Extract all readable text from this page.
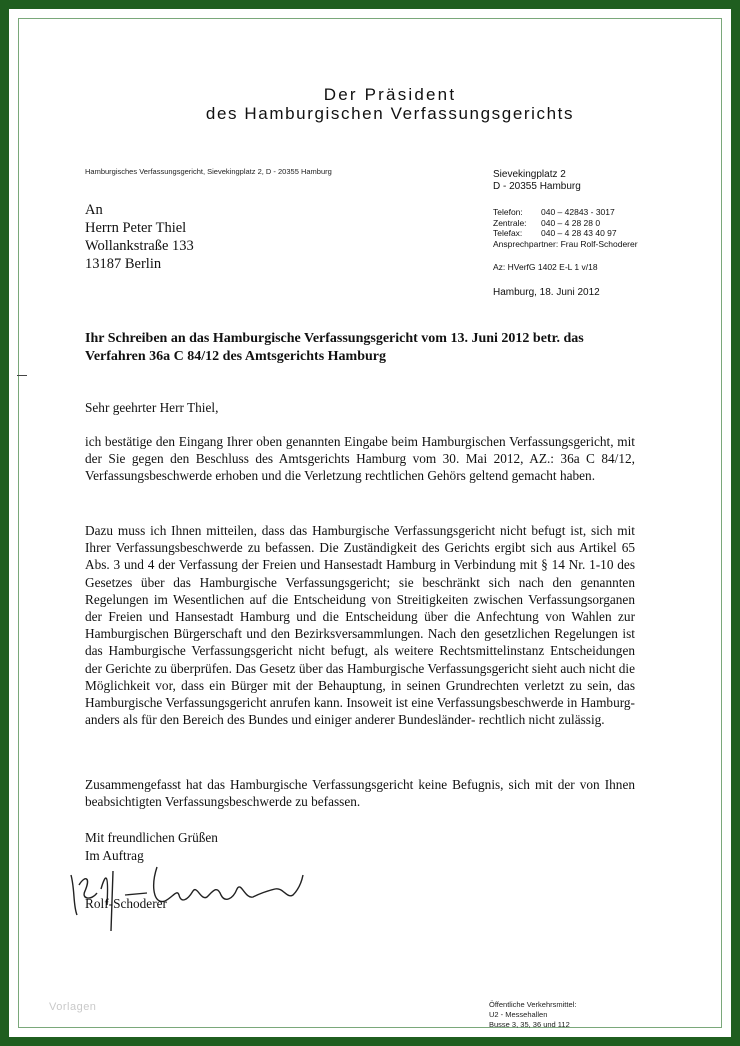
Der Präsident
des Hamburgischen Verfassungsgerichts
Hamburgisches Verfassungsgericht, Sievekingplatz 2, D - 20355 Hamburg
An
Herrn Peter Thiel
Wollankstraße 133
13187 Berlin
Sievekingplatz 2
D - 20355 Hamburg
Telefon: 040 – 42843 - 3017
Zentrale: 040 – 4 28 28 0
Telefax: 040 – 4 28 43 40 97
Ansprechpartner: Frau Rolf-Schoderer
Az: HVerfG 1402 E-L 1 v/18
Hamburg, 18. Juni 2012
Ihr Schreiben an das Hamburgische Verfassungsgericht vom 13. Juni 2012 betr. das Verfahren 36a C 84/12 des Amtsgerichts Hamburg
Sehr geehrter Herr Thiel,
ich bestätige den Eingang Ihrer oben genannten Eingabe beim Hamburgischen Verfassungsgericht, mit der Sie gegen den Beschluss des Amtsgerichts Hamburg vom 30. Mai 2012, AZ.: 36a C 84/12, Verfassungsbeschwerde erhoben und die Verletzung rechtlichen Gehörs geltend gemacht haben.
Dazu muss ich Ihnen mitteilen, dass das Hamburgische Verfassungsgericht nicht befugt ist, sich mit Ihrer Verfassungsbeschwerde zu befassen. Die Zuständigkeit des Gerichts ergibt sich aus Artikel 65 Abs. 3 und 4 der Verfassung der Freien und Hansestadt Hamburg in Verbindung mit § 14 Nr. 1-10 des Gesetzes über das Hamburgische Verfassungsgericht; sie beschränkt sich nach den genannten Regelungen im Wesentlichen auf die Entscheidung von Streitigkeiten zwischen Verfassungsorganen der Freien und Hansestadt Hamburg und die Entscheidung über die Anfechtung von Wahlen zur Hamburgischen Bürgerschaft und den Bezirksversammlungen. Nach den gesetzlichen Regelungen ist das Hamburgische Verfassungsgericht nicht befugt, als weitere Rechtsmittelinstanz Entscheidungen der Gerichte zu überprüfen. Das Gesetz über das Hamburgische Verfassungsgericht sieht auch nicht die Möglichkeit vor, dass ein Bürger mit der Behauptung, in seinen Grundrechten verletzt zu sein, das Hamburgische Verfassungsgericht anrufen kann. Insoweit ist eine Verfassungsbeschwerde in Hamburg- anders als für den Bereich des Bundes und einiger anderer Bundesländer- rechtlich nicht zulässig.
Zusammengefasst hat das Hamburgische Verfassungsgericht keine Befugnis, sich mit der von Ihnen beabsichtigten Verfassungsbeschwerde zu befassen.
Mit freundlichen Grüßen
Im Auftrag
Rolf-Schoderer
Vorlagen	Öffentliche Verkehrsmittel:
U2 - Messehallen
Busse 3, 35, 36 und 112
